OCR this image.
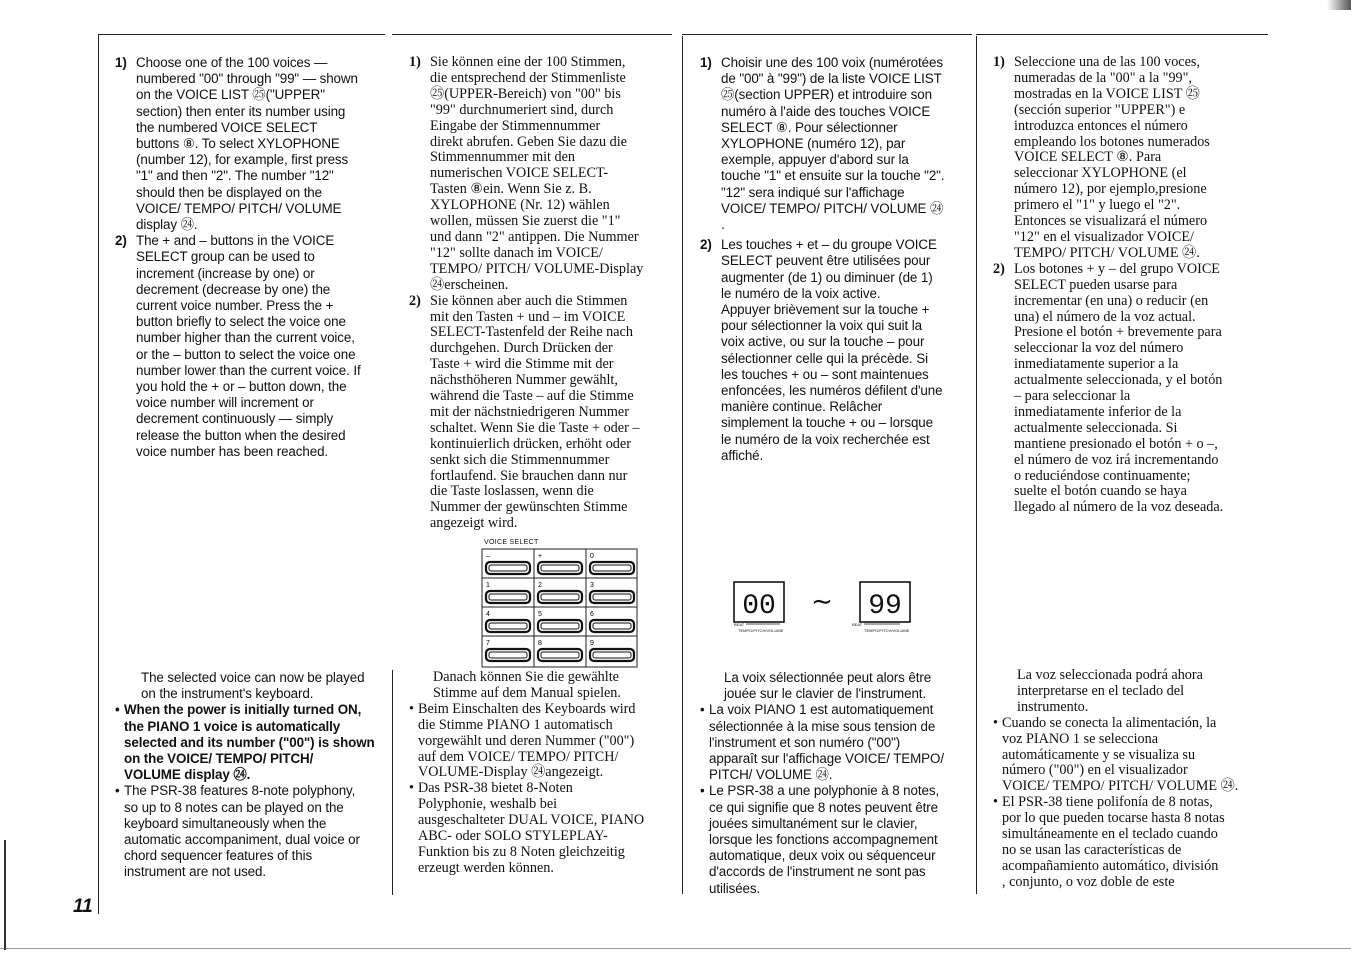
1) Choose one of the 100 voices —
numbered "00" through "99" — shown
on the VOICE LIST ㉕("UPPER"
section) then enter its number using
the numbered VOICE SELECT
buttons ⑧. To select XYLOPHONE
(number 12), for example, first press
"1" and then "2". The number "12"
should then be displayed on the
VOICE/ TEMPO/ PITCH/ VOLUME
display ㉔.
2) The + and – buttons in the VOICE
SELECT group can be used to
increment (increase by one) or
decrement (decrease by one) the
current voice number. Press the +
button briefly to select the voice one
number higher than the current voice,
or the – button to select the voice one
number lower than the current voice. If
you hold the + or – button down, the
voice number will increment or
decrement continuously — simply
release the button when the desired
voice number has been reached.
The selected voice can now be played
on the instrument's keyboard.
• When the power is initially turned ON,
the PIANO 1 voice is automatically
selected and its number ("00") is shown
on the VOICE/ TEMPO/ PITCH/
VOLUME display ㉔.
• The PSR-38 features 8-note polyphony,
so up to 8 notes can be played on the
keyboard simultaneously when the
automatic accompaniment, dual voice or
chord sequencer features of this
instrument are not used.
1) Sie können eine der 100 Stimmen,
die entsprechend der Stimmenliste
㉕(UPPER-Bereich) von "00" bis
"99" durchnumeriert sind, durch
Eingabe der Stimmennummer
direkt abrufen. Geben Sie dazu die
Stimmennummer mit den
numerischen VOICE SELECT-
Tasten ⑧ein. Wenn Sie z. B.
XYLOPHONE (Nr. 12) wählen
wollen, müssen Sie zuerst die "1"
und dann "2" antippen. Die Nummer
"12" sollte danach im VOICE/
TEMPO/ PITCH/ VOLUME-Display
㉔erscheinen.
2) Sie können aber auch die Stimmen
mit den Tasten + und – im VOICE
SELECT-Tastenfeld der Reihe nach
durchgehen. Durch Drücken der
Taste + wird die Stimme mit der
nächsthöheren Nummer gewählt,
während die Taste – auf die Stimme
mit der nächstniedrigeren Nummer
schaltet. Wenn Sie die Taste + oder –
kontinuierlich drücken, erhöht oder
senkt sich die Stimmennummer
fortlaufend. Sie brauchen dann nur
die Taste loslassen, wenn die
Nummer der gewünschten Stimme
angezeigt wird.
VOICE SELECT
–	+	0
1	2	3
4	5	6
7	8	9
Danach können Sie die gewählte
Stimme auf dem Manual spielen.
• Beim Einschalten des Keyboards wird
die Stimme PIANO 1 automatisch
vorgewählt und deren Nummer ("00")
auf dem VOICE/ TEMPO/ PITCH/
VOLUME-Display ㉔angezeigt.
• Das PSR-38 bietet 8-Noten
Polyphonie, weshalb bei
ausgeschalteter DUAL VOICE, PIANO
ABC- oder SOLO STYLEPLAY-
Funktion bis zu 8 Noten gleichzeitig
erzeugt werden können.
1) Choisir une des 100 voix (numérotées
de "00" à "99") de la liste VOICE LIST
㉕(section UPPER) et introduire son
numéro à l'aide des touches VOICE
SELECT ⑧. Pour sélectionner
XYLOPHONE (numéro 12), par
exemple, appuyer d'abord sur la
touche "1" et ensuite sur la touche "2".
"12" sera indiqué sur l'affichage
VOICE/ TEMPO/ PITCH/ VOLUME ㉔
.
2) Les touches + et – du groupe VOICE
SELECT peuvent être utilisées pour
augmenter (de 1) ou diminuer (de 1)
le numéro de la voix active.
Appuyer brièvement sur la touche +
pour sélectionner la voix qui suit la
voix active, ou sur la touche – pour
sélectionner celle qui la précède. Si
les touches + ou – sont maintenues
enfoncées, les numéros défilent d'une
manière continue. Relâcher
simplement la touche + ou – lorsque
le numéro de la voix recherchée est
affiché.
00 ∼ 99
BEAT
TEMPO/PITCH/VOLUME
BEAT
TEMPO/PITCH/VOLUME
La voix sélectionnée peut alors être
jouée sur le clavier de l'instrument.
• La voix PIANO 1 est automatiquement
sélectionnée à la mise sous tension de
l'instrument et son numéro ("00")
apparaît sur l'affichage VOICE/ TEMPO/
PITCH/ VOLUME ㉔.
• Le PSR-38 a une polyphonie à 8 notes,
ce qui signifie que 8 notes peuvent être
jouées simultanément sur le clavier,
lorsque les fonctions accompagnement
automatique, deux voix ou séquenceur
d'accords de l'instrument ne sont pas
utilisées.
1) Seleccione una de las 100 voces,
numeradas de la "00" a la "99",
mostradas en la VOICE LIST ㉕
(sección superior "UPPER") e
introduzca entonces el número
empleando los botones numerados
VOICE SELECT ⑧. Para
seleccionar XYLOPHONE (el
número 12), por ejemplo,presione
primero el "1" y luego el "2".
Entonces se visualizará el número
"12" en el visualizador VOICE/
TEMPO/ PITCH/ VOLUME ㉔.
2) Los botones + y – del grupo VOICE
SELECT pueden usarse para
incrementar (en una) o reducir (en
una) el número de la voz actual.
Presione el botón + brevemente para
seleccionar la voz del número
inmediatamente superior a la
actualmente seleccionada, y el botón
– para seleccionar la
inmediatamente inferior de la
actualmente seleccionada. Si
mantiene presionado el botón + o –,
el número de voz irá incrementando
o reduciéndose continuamente;
suelte el botón cuando se haya
llegado al número de la voz deseada.
La voz seleccionada podrá ahora
interpretarse en el teclado del
instrumento.
• Cuando se conecta la alimentación, la
voz PIANO 1 se selecciona
automáticamente y se visualiza su
número ("00") en el visualizador
VOICE/ TEMPO/ PITCH/ VOLUME ㉔.
• El PSR-38 tiene polifonía de 8 notas,
por lo que pueden tocarse hasta 8 notas
simultáneamente en el teclado cuando
no se usan las características de
acompañamiento automático, división
, conjunto, o voz doble de este
11
